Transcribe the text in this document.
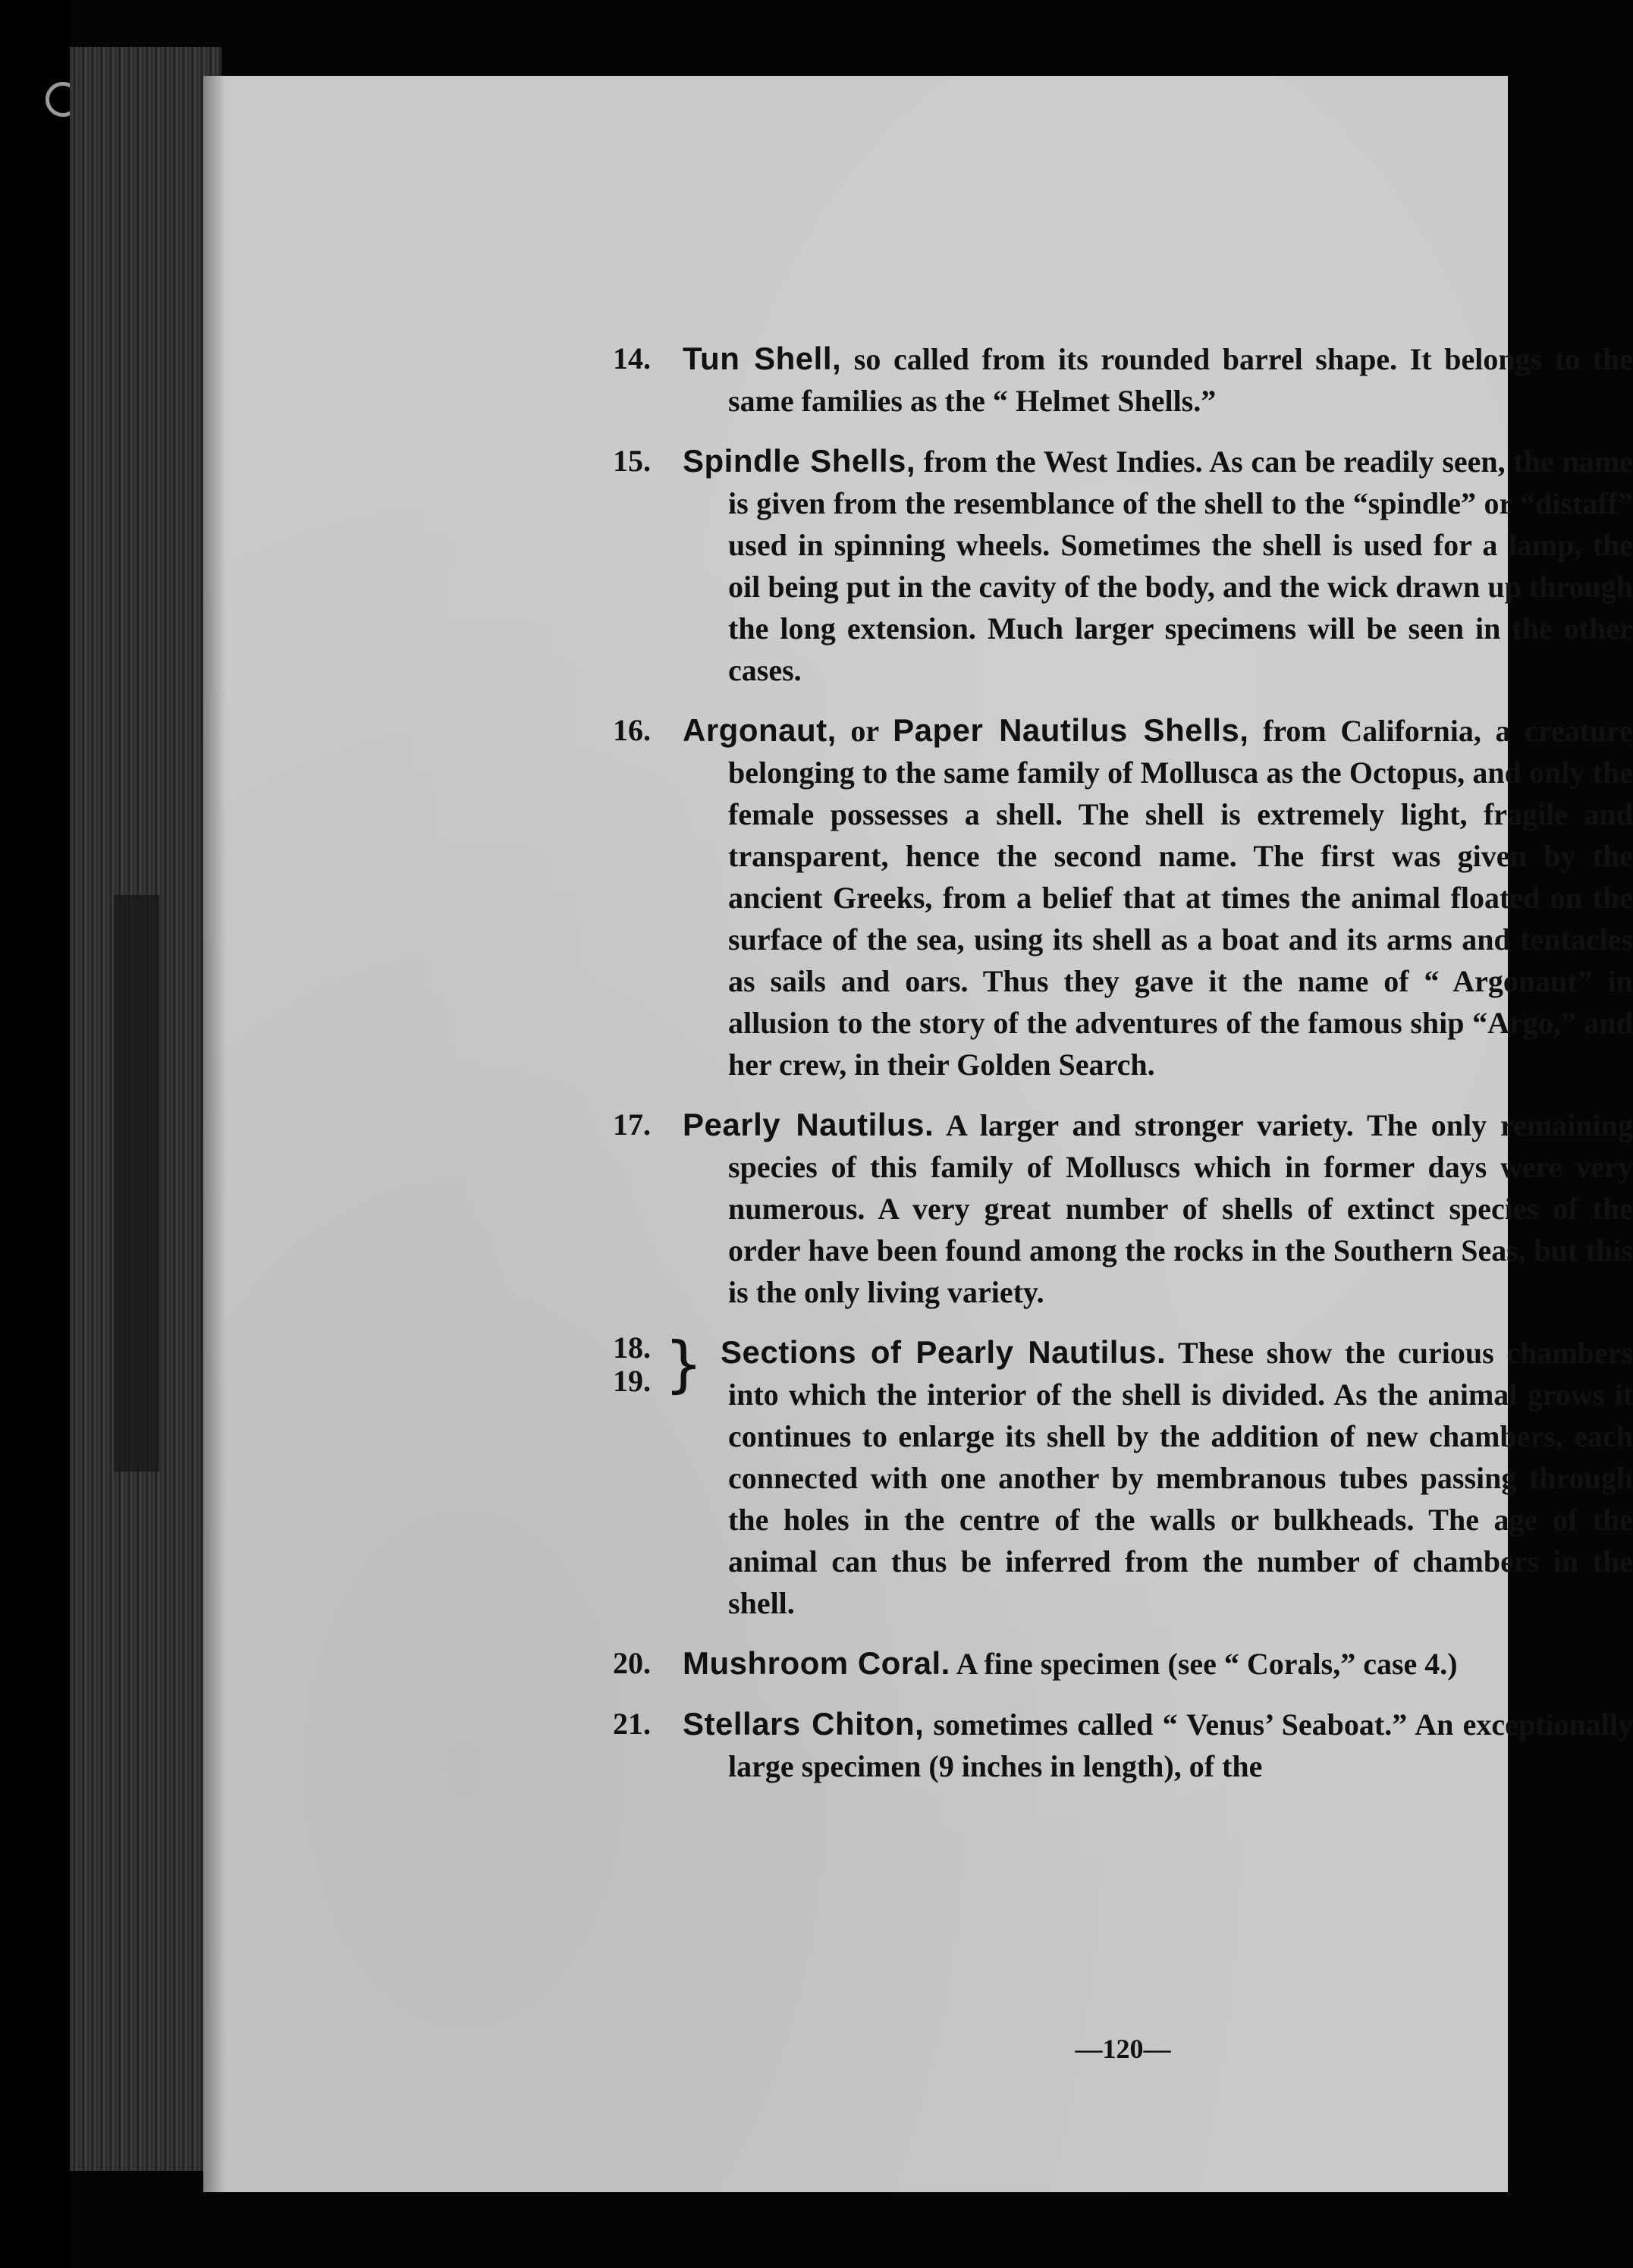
14. Tun Shell, so called from its rounded barrel shape. It belongs to the same families as the “ Helmet Shells.”

15. Spindle Shells, from the West Indies. As can be readily seen, the name is given from the resemblance of the shell to the “spindle” or “distaff” used in spinning wheels. Sometimes the shell is used for a lamp, the oil being put in the cavity of the body, and the wick drawn up through the long extension. Much larger specimens will be seen in the other cases.

16. Argonaut, or Paper Nautilus Shells, from California, a creature belonging to the same family of Mollusca as the Octopus, and only the female possesses a shell. The shell is extremely light, fragile and transparent, hence the second name. The first was given by the ancient Greeks, from a belief that at times the animal floated on the surface of the sea, using its shell as a boat and its arms and tentacles as sails and oars. Thus they gave it the name of “ Argonaut” in allusion to the story of the adventures of the famous ship “Argo,” and her crew, in their Golden Search.

17. Pearly Nautilus. A larger and stronger variety. The only remaining species of this family of Molluscs which in former days were very numerous. A very great number of shells of extinct species of the order have been found among the rocks in the Southern Seas, but this is the only living variety.

18.
19. } Sections of Pearly Nautilus. These show the curious chambers into which the interior of the shell is divided. As the animal grows it continues to enlarge its shell by the addition of new chambers, each connected with one another by membranous tubes passing through the holes in the centre of the walls or bulkheads. The age of the animal can thus be inferred from the number of chambers in the shell.

20. Mushroom Coral. A fine specimen (see “ Corals,” case 4.)

21. Stellars Chiton, sometimes called “ Venus’ Seaboat.” An exceptionally large specimen (9 inches in length), of the

—120—
